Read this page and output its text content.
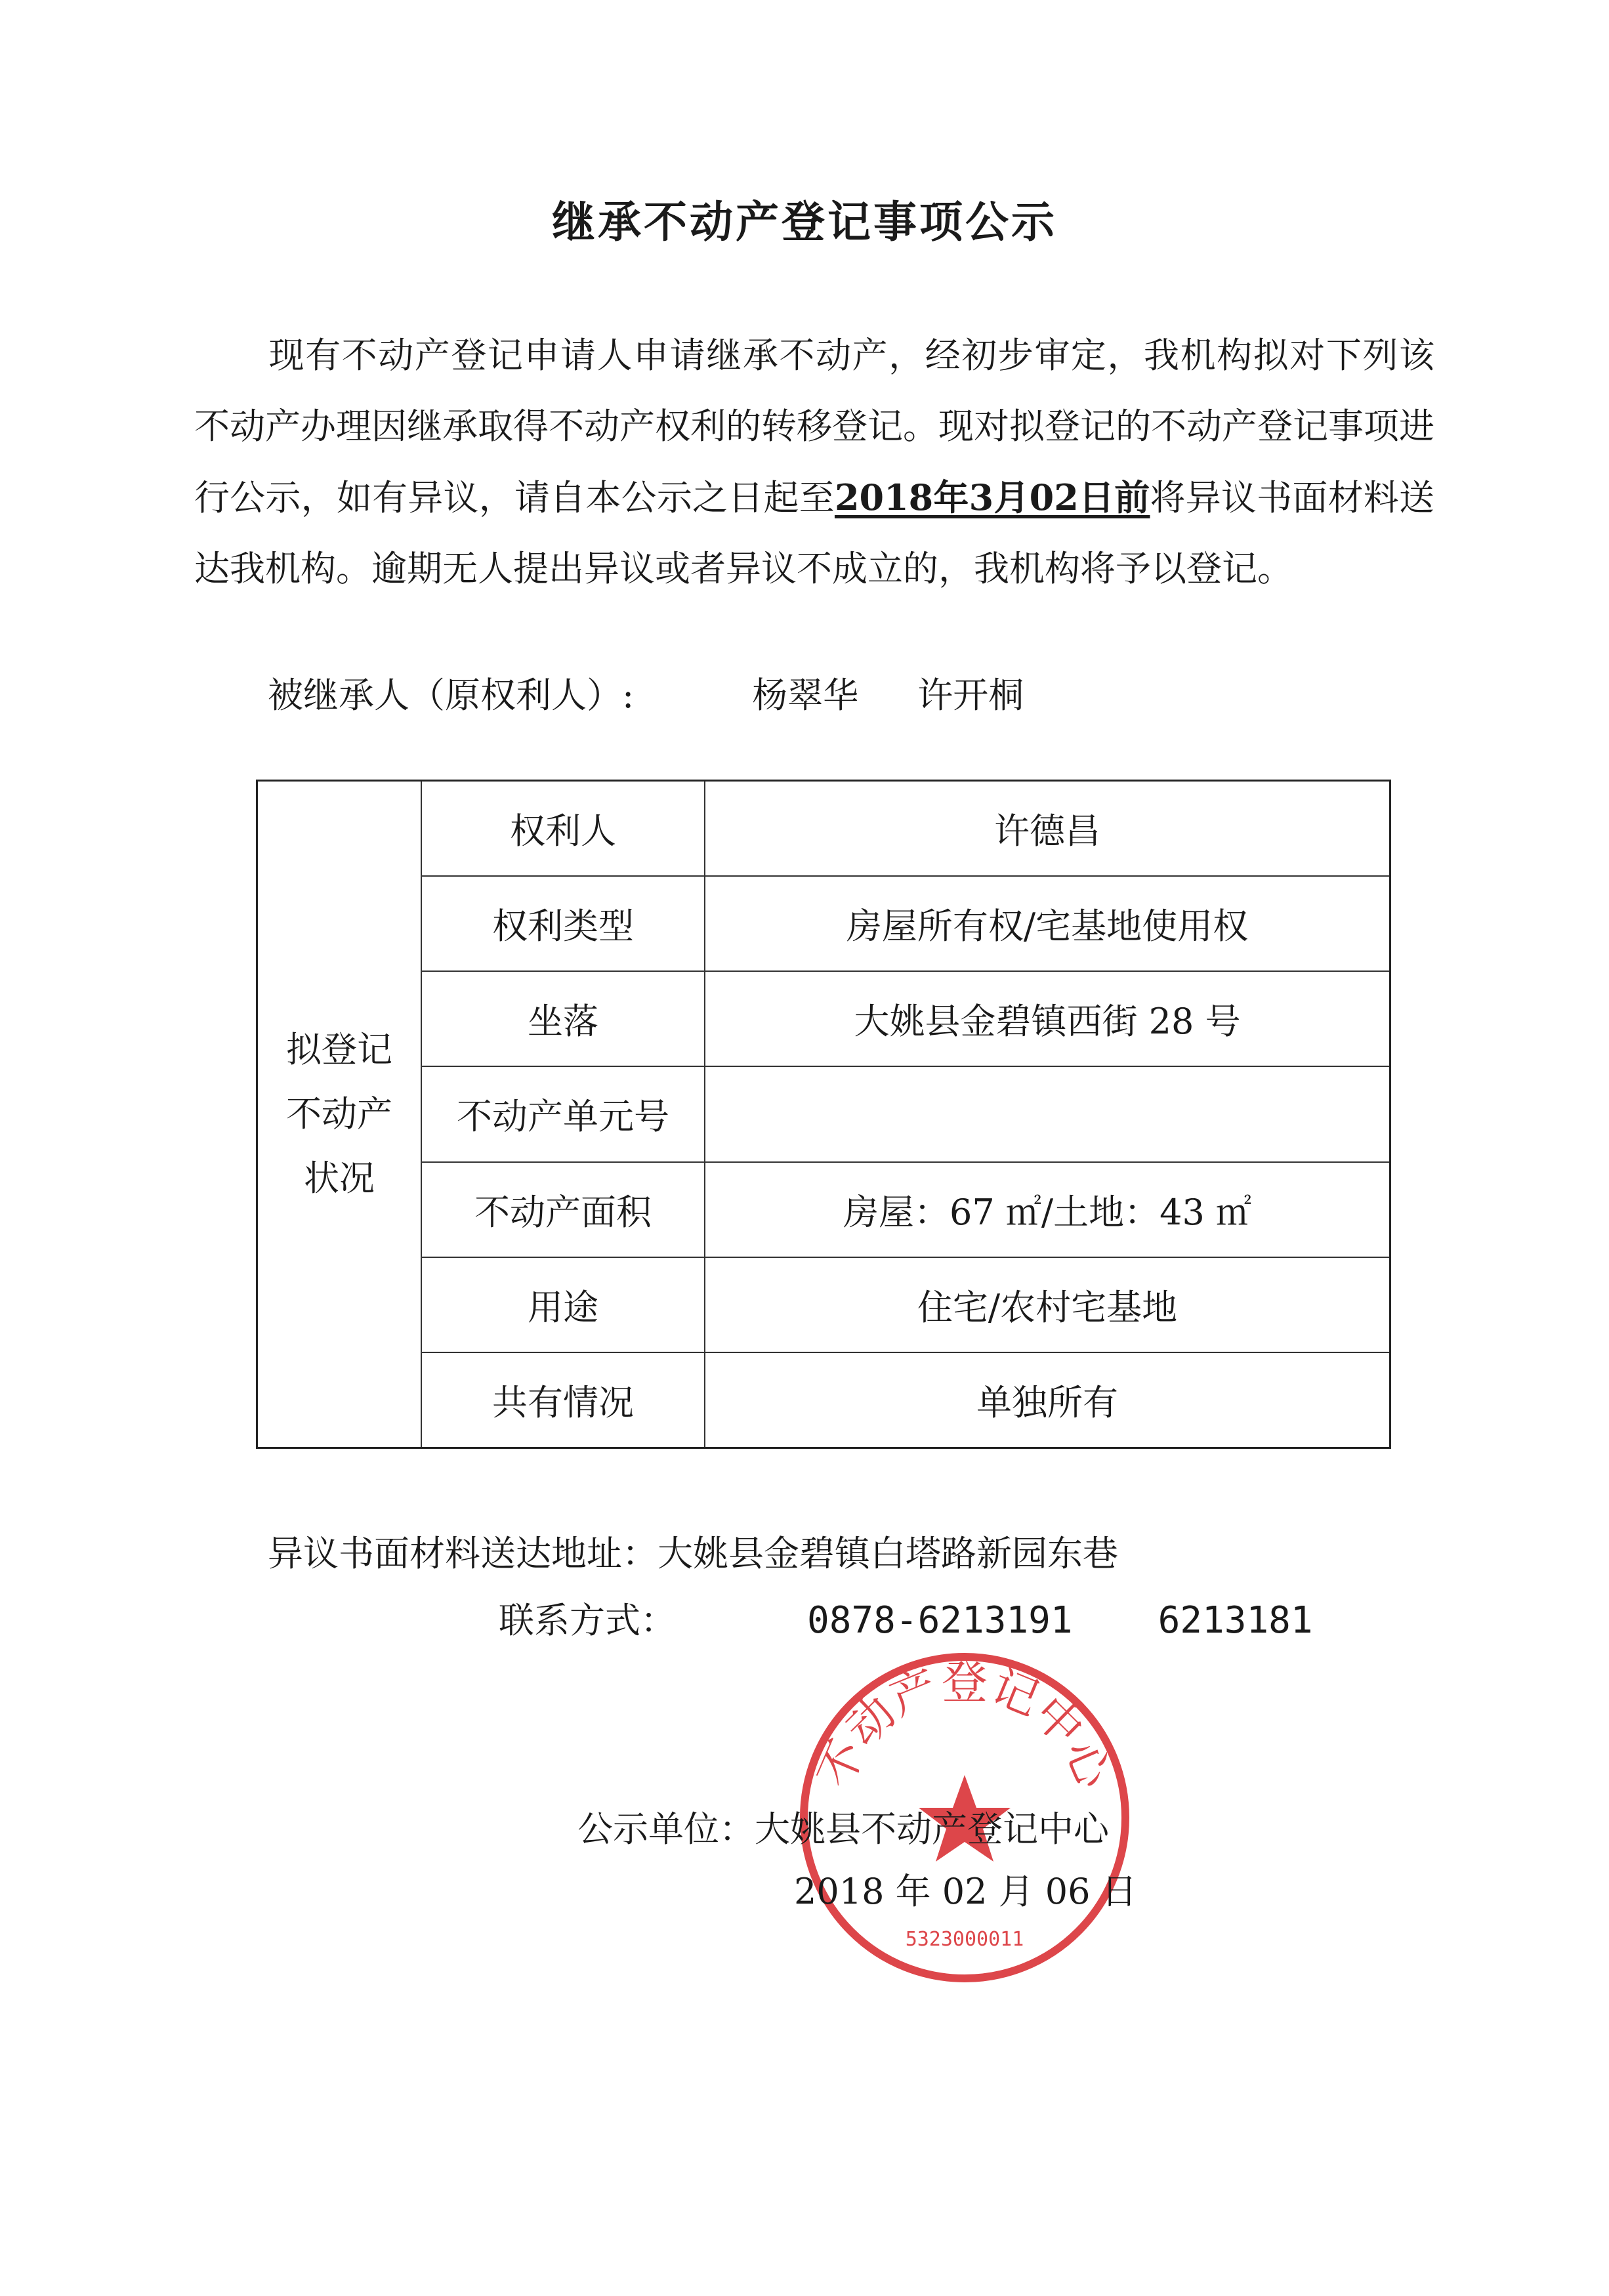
继承不动产登记事项公示
现有不动产登记申请人申请继承不动产，经初步审定，我机构拟对下列该不动产办理因继承取得不动产权利的转移登记。现对拟登记的不动产登记事项进行公示，如有异议，请自本公示之日起至2018年3月02日前将异议书面材料送达我机构。逾期无人提出异议或者异议不成立的，我机构将予以登记。
被继承人（原权利人）:	杨翠华 许开桐
拟登记
不动产
状况	权利人	许德昌
	权利类型	房屋所有权/宅基地使用权
	坐落	大姚县金碧镇西街 28 号
	不动产单元号	
	不动产面积	房屋：67 ㎡/土地：43 ㎡
	用途	住宅/农村宅基地
	共有情况	单独所有
异议书面材料送达地址：大姚县金碧镇白塔路新园东巷
联系方式：	0878-6213191 6213181
不动产登记中心
5323000011
公示单位：大姚县不动产登记中心
2018 年 02 月 06 日
